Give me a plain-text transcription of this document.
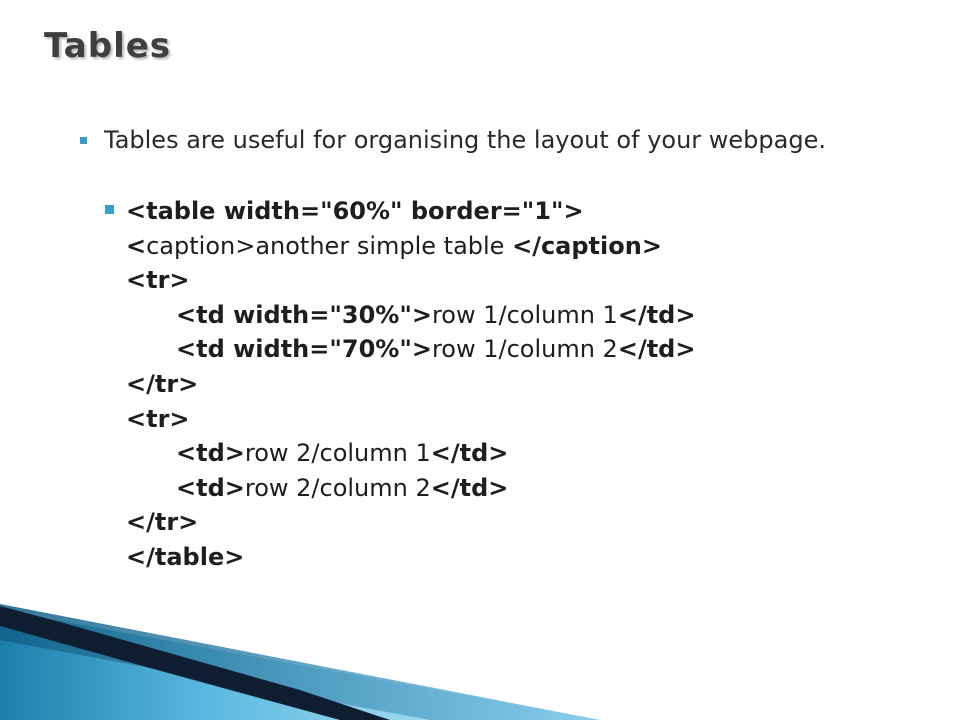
Tables
Tables are useful for organising the layout of your webpage.
<table width="60%" border="1">
<caption>another simple table </caption>
<tr>
<td width="30%">row 1/column 1</td>
<td width="70%">row 1/column 2</td>
</tr>
<tr>
<td>row 2/column 1</td>
<td>row 2/column 2</td>
</tr>
</table>
